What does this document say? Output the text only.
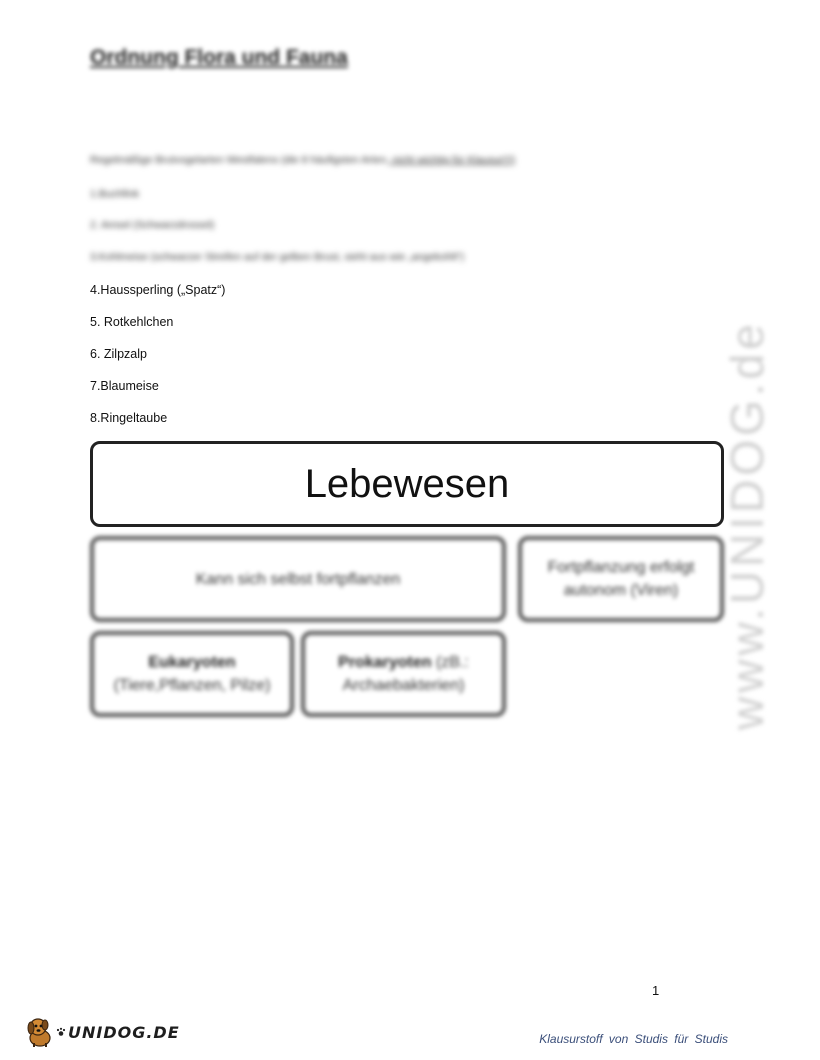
Ordnung Flora und Fauna
Regelmäßige Brutvogelarten Westfalens (die 8 häufigsten Arten, nicht wichtig für Klausur!!!)
1.Buchfink
2. Amsel (Schwarzdrossel)
3.Kohlmeise (schwarzer Streifen auf der gelben Brust, sieht aus wie „angekohlt“)
4.Haussperling („Spatz“)
5. Rotkehlchen
6. Zilpzalp
7.Blaumeise
8.Ringeltaube
Lebewesen
Kann sich selbst fortpflanzen
Fortpflanzung erfolgt autonom (Viren)
Eukaryoten
(Tiere,Pflanzen, Pilze)
Prokaryoten (zB.:
Archaebakterien)	www.UNIDOG.de
1
UNIDOG.DE	Klausurstoff von Studis für Studis
